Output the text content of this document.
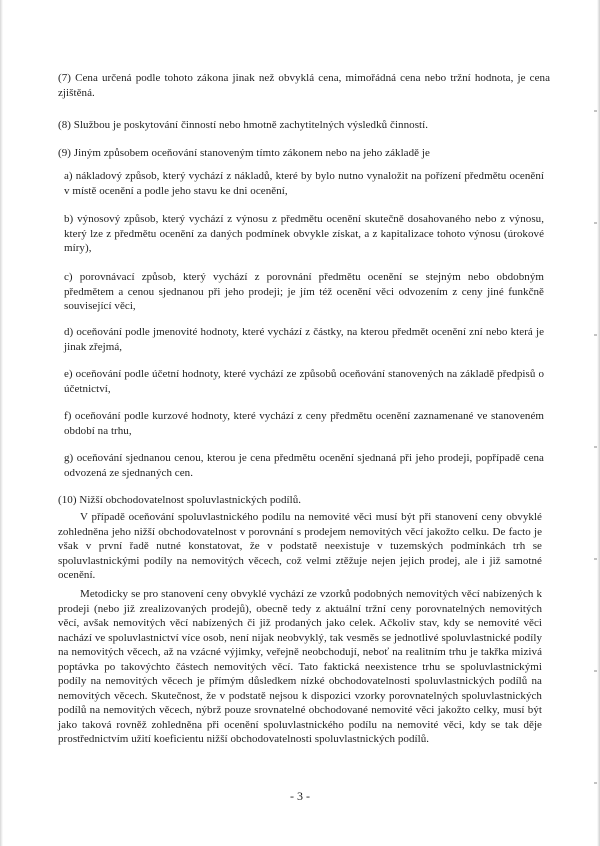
(7) Cena určená podle tohoto zákona jinak než obvyklá cena, mimořádná cena nebo tržní hodnota, je cena zjištěná.

(8) Službou je poskytování činností nebo hmotně zachytitelných výsledků činností.

(9) Jiným způsobem oceňování stanoveným tímto zákonem nebo na jeho základě je

a) nákladový způsob, který vychází z nákladů, které by bylo nutno vynaložit na pořízení předmětu ocenění v místě ocenění a podle jeho stavu ke dni ocenění,

b) výnosový způsob, který vychází z výnosu z předmětu ocenění skutečně dosahovaného nebo z výnosu, který lze z předmětu ocenění za daných podmínek obvykle získat, a z kapitalizace tohoto výnosu (úrokové míry),

c) porovnávací způsob, který vychází z porovnání předmětu ocenění se stejným nebo obdobným předmětem a cenou sjednanou při jeho prodeji; je jím též ocenění věci odvozením z ceny jiné funkčně související věci,

d) oceňování podle jmenovité hodnoty, které vychází z částky, na kterou předmět ocenění zní nebo která je jinak zřejmá,

e) oceňování podle účetní hodnoty, které vychází ze způsobů oceňování stanovených na základě předpisů o účetnictví,

f) oceňování podle kurzové hodnoty, které vychází z ceny předmětu ocenění zaznamenané ve stanoveném období na trhu,

g) oceňování sjednanou cenou, kterou je cena předmětu ocenění sjednaná při jeho prodeji, popřípadě cena odvozená ze sjednaných cen.

(10) Nižší obchodovatelnost spoluvlastnických podílů.

V případě oceňování spoluvlastnického podílu na nemovité věci musí být při stanovení ceny obvyklé zohledněna jeho nižší obchodovatelnost v porovnání s prodejem nemovitých věcí jakožto celku. De facto je však v první řadě nutné konstatovat, že v podstatě neexistuje v tuzemských podmínkách trh se spoluvlastnickými podíly na nemovitých věcech, což velmi ztěžuje nejen jejich prodej, ale i již samotné ocenění.

Metodicky se pro stanovení ceny obvyklé vychází ze vzorků podobných nemovitých věcí nabízených k prodeji (nebo již zrealizovaných prodejů), obecně tedy z aktuální tržní ceny porovnatelných nemovitých věcí, avšak nemovitých věcí nabízených či již prodaných jako celek. Ačkoliv stav, kdy se nemovité věci nachází ve spoluvlastnictví více osob, není nijak neobvyklý, tak vesměs se jednotlivé spoluvlastnické podíly na nemovitých věcech, až na vzácné výjimky, veřejně neobchodují, neboť na realitním trhu je takřka mizivá poptávka po takovýchto částech nemovitých věcí. Tato faktická neexistence trhu se spoluvlastnickými podíly na nemovitých věcech je přímým důsledkem nízké obchodovatelnosti spoluvlastnických podílů na nemovitých věcech. Skutečnost, že v podstatě nejsou k dispozici vzorky porovnatelných spoluvlastnických podílů na nemovitých věcech, nýbrž pouze srovnatelné obchodované nemovité věci jakožto celky, musí být jako taková rovněž zohledněna při ocenění spoluvlastnického podílu na nemovité věci, kdy se tak děje prostřednictvím užití koeficientu nižší obchodovatelnosti spoluvlastnických podílů.

- 3 -
